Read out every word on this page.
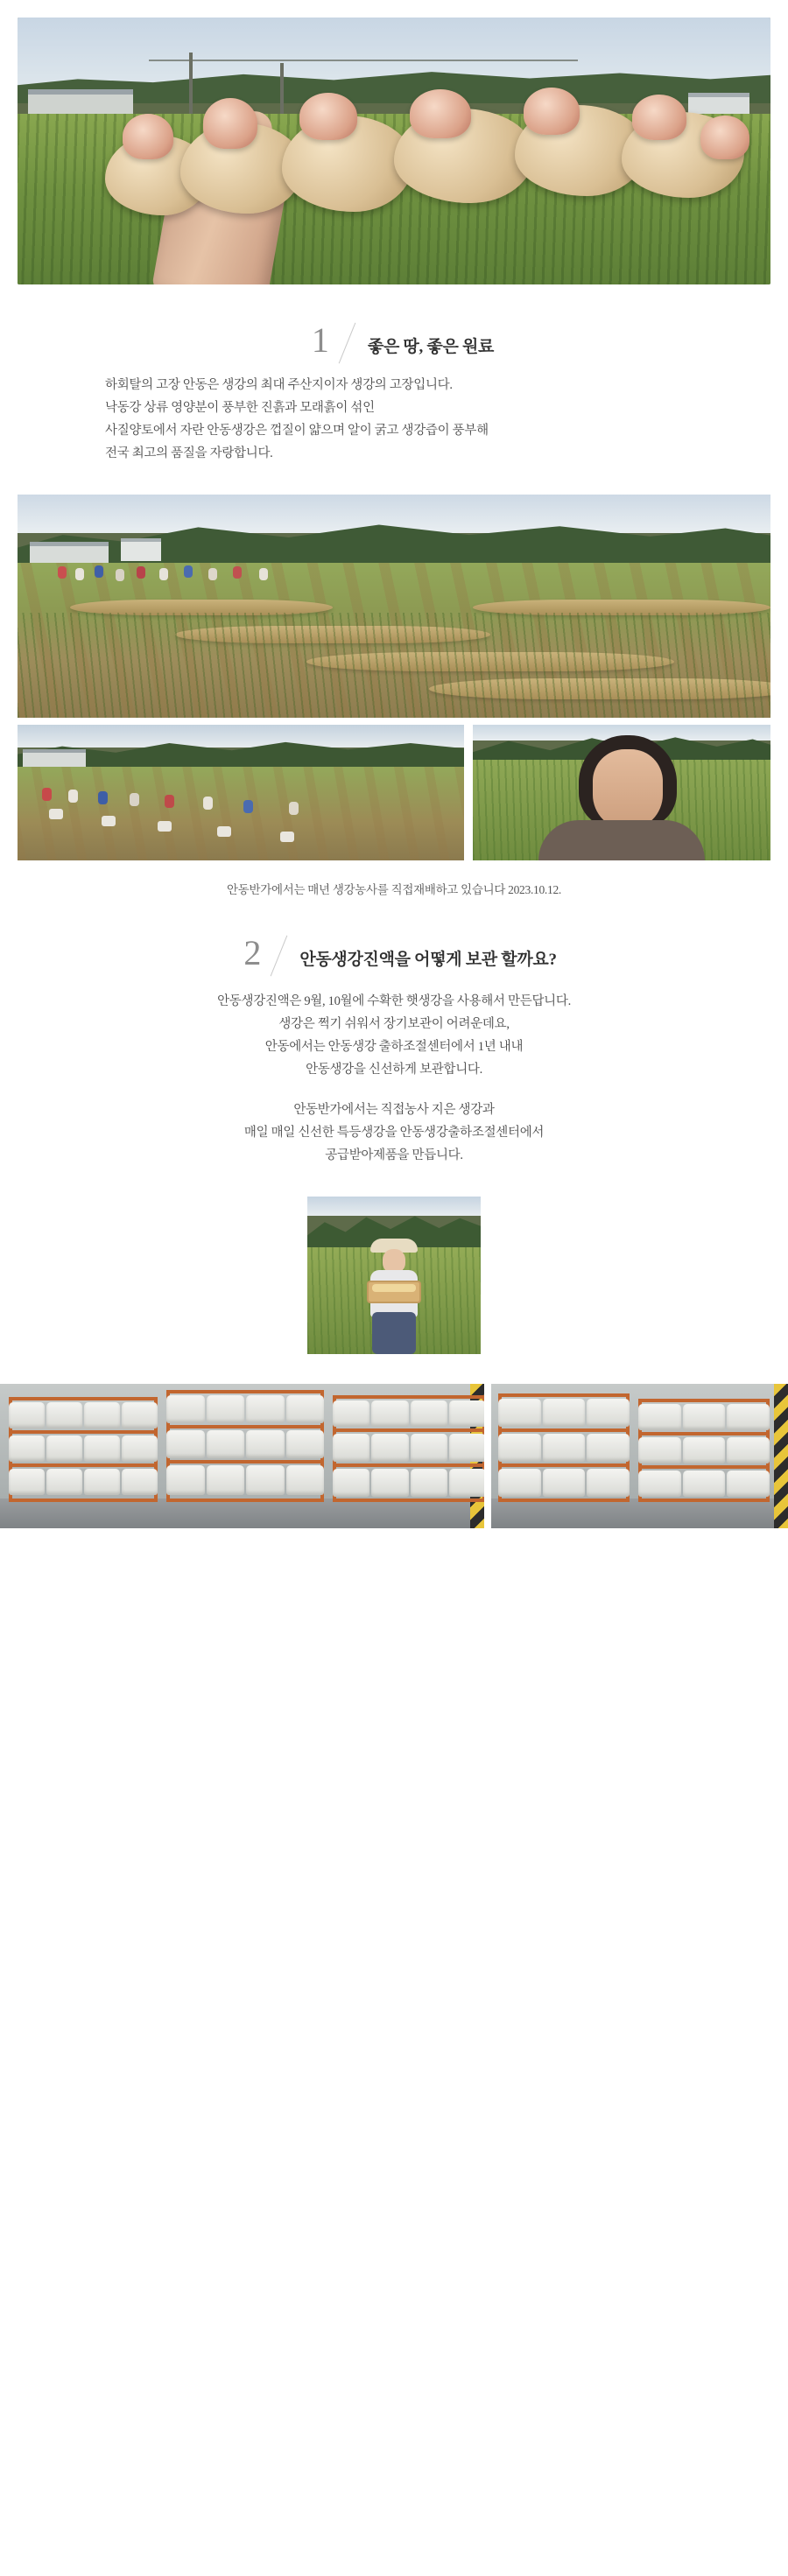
1 좋은 땅, 좋은 원료
하회탈의 고장 안동은 생강의 최대 주산지이자 생강의 고장입니다.
낙동강 상류 영양분이 풍부한 진흙과 모래흙이 섞인
사질양토에서 자란 안동생강은 껍질이 얇으며 알이 굵고 생강즙이 풍부해
전국 최고의 품질을 자랑합니다.
안동반가에서는 매년 생강농사를 직접재배하고 있습니다 2023.10.12.
2 안동생강진액을 어떻게 보관 할까요?

안동생강진액은 9월, 10월에 수확한 햇생강을 사용해서 만든답니다.

생강은 쩍기 쉬워서 장기보관이 어려운데요,

안동에서는 안동생강 출하조절센터에서 1년 내내

안동생강을 신선하게 보관합니다.

안동반가에서는 직접농사 지은 생강과

매일 매일 신선한 특등생강을 안동생강출하조절센터에서

공급받아제품을 만듭니다.
